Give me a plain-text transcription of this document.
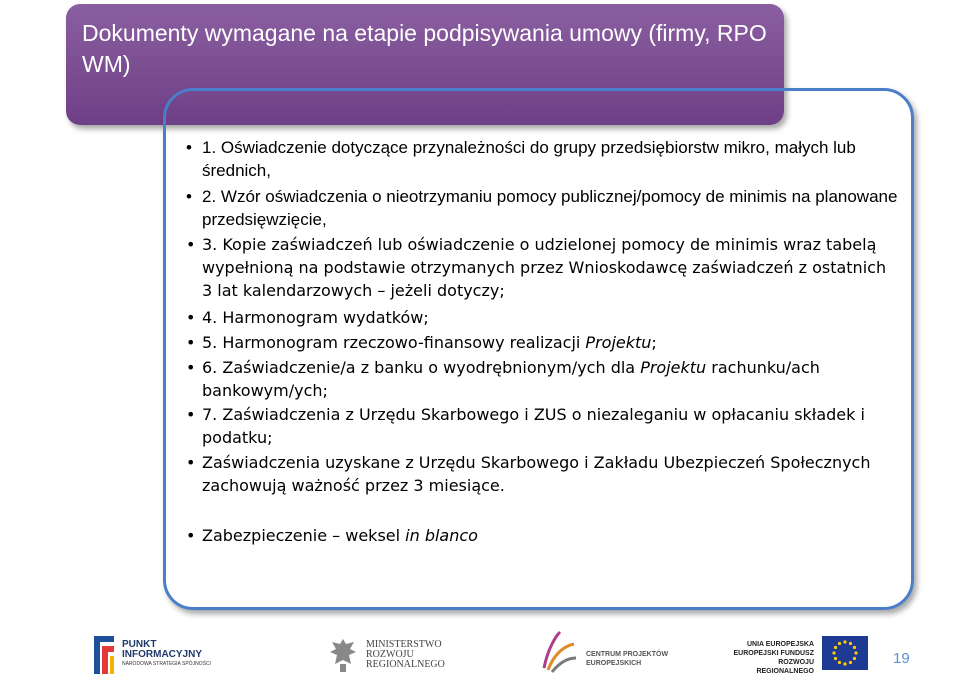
Dokumenty wymagane na etapie podpisywania umowy (firmy, RPO WM)
• 1. Oświadczenie dotyczące przynależności do grupy przedsiębiorstw mikro, małych lub średnich,
• 2. Wzór oświadczenia o nieotrzymaniu pomocy publicznej/pomocy de minimis na planowane przedsięwzięcie,
• 3. Kopie zaświadczeń lub oświadczenie o udzielonej pomocy de minimis wraz tabelą wypełnioną na podstawie otrzymanych przez Wnioskodawcę zaświadczeń z ostatnich 3 lat kalendarzowych – jeżeli dotyczy;
• 4. Harmonogram wydatków;
• 5. Harmonogram rzeczowo-finansowy realizacji Projektu;
• 6. Zaświadczenie/a z banku o wyodrębnionym/ych dla Projektu rachunku/ach bankowym/ych;
• 7. Zaświadczenia z Urzędu Skarbowego i ZUS o niezaleganiu w opłacaniu składek i podatku;
• Zaświadczenia uzyskane z Urzędu Skarbowego i Zakładu Ubezpieczeń Społecznych zachowują ważność przez 3 miesiące.
• Zabezpieczenie – weksel in blanco
PUNKT
INFORMACYJNY
NARODOWA STRATEGIA SPÓJNOŚCI
MINISTERSTWO
ROZWOJU
REGIONALNEGO
CENTRUM PROJEKTÓW
EUROPEJSKICH
UNIA EUROPEJSKA
EUROPEJSKI FUNDUSZ
ROZWOJU REGIONALNEGO
19
